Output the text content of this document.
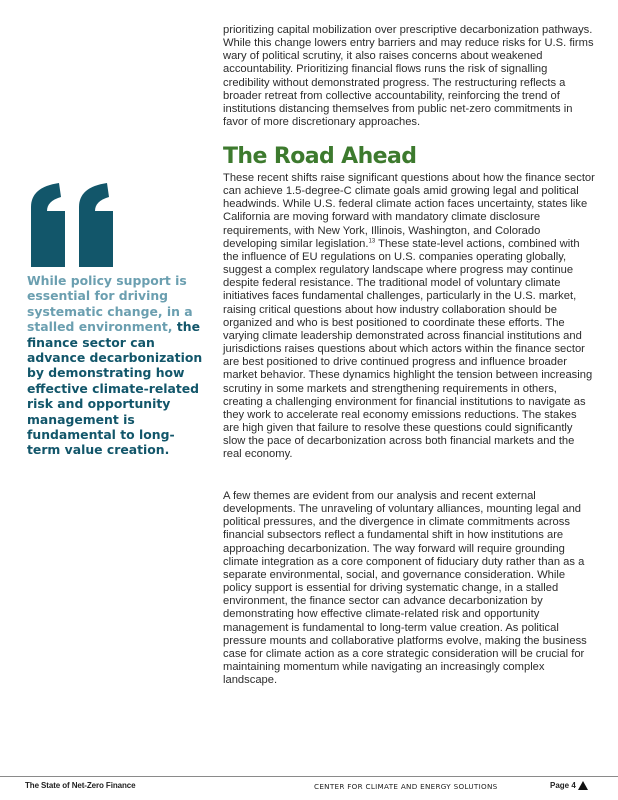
prioritizing capital mobilization over prescriptive decarbonization pathways. While this change lowers entry barriers and may reduce risks for U.S. firms wary of political scrutiny, it also raises concerns about weakened accountability. Prioritizing financial flows runs the risk of signalling credibility without demonstrated progress. The restructuring reflects a broader retreat from collective accountability, reinforcing the trend of institutions distancing themselves from public net-zero commitments in favor of more discretionary approaches.

The Road Ahead

These recent shifts raise significant questions about how the finance sector can achieve 1.5-degree-C climate goals amid growing legal and political headwinds. While U.S. federal climate action faces uncertainty, states like California are moving forward with mandatory climate disclosure requirements, with New York, Illinois, Washington, and Colorado developing similar legislation.$^{13}$ These state-level actions, combined with the influence of EU regulations on U.S. companies operating globally, suggest a complex regulatory landscape where progress may continue despite federal resistance. The traditional model of voluntary climate initiatives faces fundamental challenges, particularly in the U.S. market, raising critical questions about how industry collaboration should be organized and who is best positioned to coordinate these efforts. The varying climate leadership demonstrated across financial institutions and jurisdictions raises questions about which actors within the finance sector are best positioned to drive continued progress and influence broader market behavior. These dynamics highlight the tension between increasing scrutiny in some markets and strengthening requirements in others, creating a challenging environment for financial institutions to navigate as they work to accelerate real economy emissions reductions. The stakes are high given that failure to resolve these questions could significantly slow the pace of decarbonization across both financial markets and the real economy.

A few themes are evident from our analysis and recent external developments. The unraveling of voluntary alliances, mounting legal and political pressures, and the divergence in climate commitments across financial subsectors reflect a fundamental shift in how institutions are approaching decarbonization. The way forward will require grounding climate integration as a core component of fiduciary duty rather than as a separate environmental, social, and governance consideration. While policy support is essential for driving systematic change, in a stalled environment, the finance sector can advance decarbonization by demonstrating how effective climate-related risk and opportunity management is fundamental to long-term value creation. As political pressure mounts and collaborative platforms evolve, making the business case for climate action as a core strategic consideration will be crucial for maintaining momentum while navigating an increasingly complex landscape.

While policy support is essential for driving systematic change, in a stalled environment, the finance sector can advance decarbonization by demonstrating how effective climate-related risk and opportunity management is fundamental to long-term value creation.

The State of Net-Zero Finance	CENTER FOR CLIMATE AND ENERGY SOLUTIONS	Page 4
